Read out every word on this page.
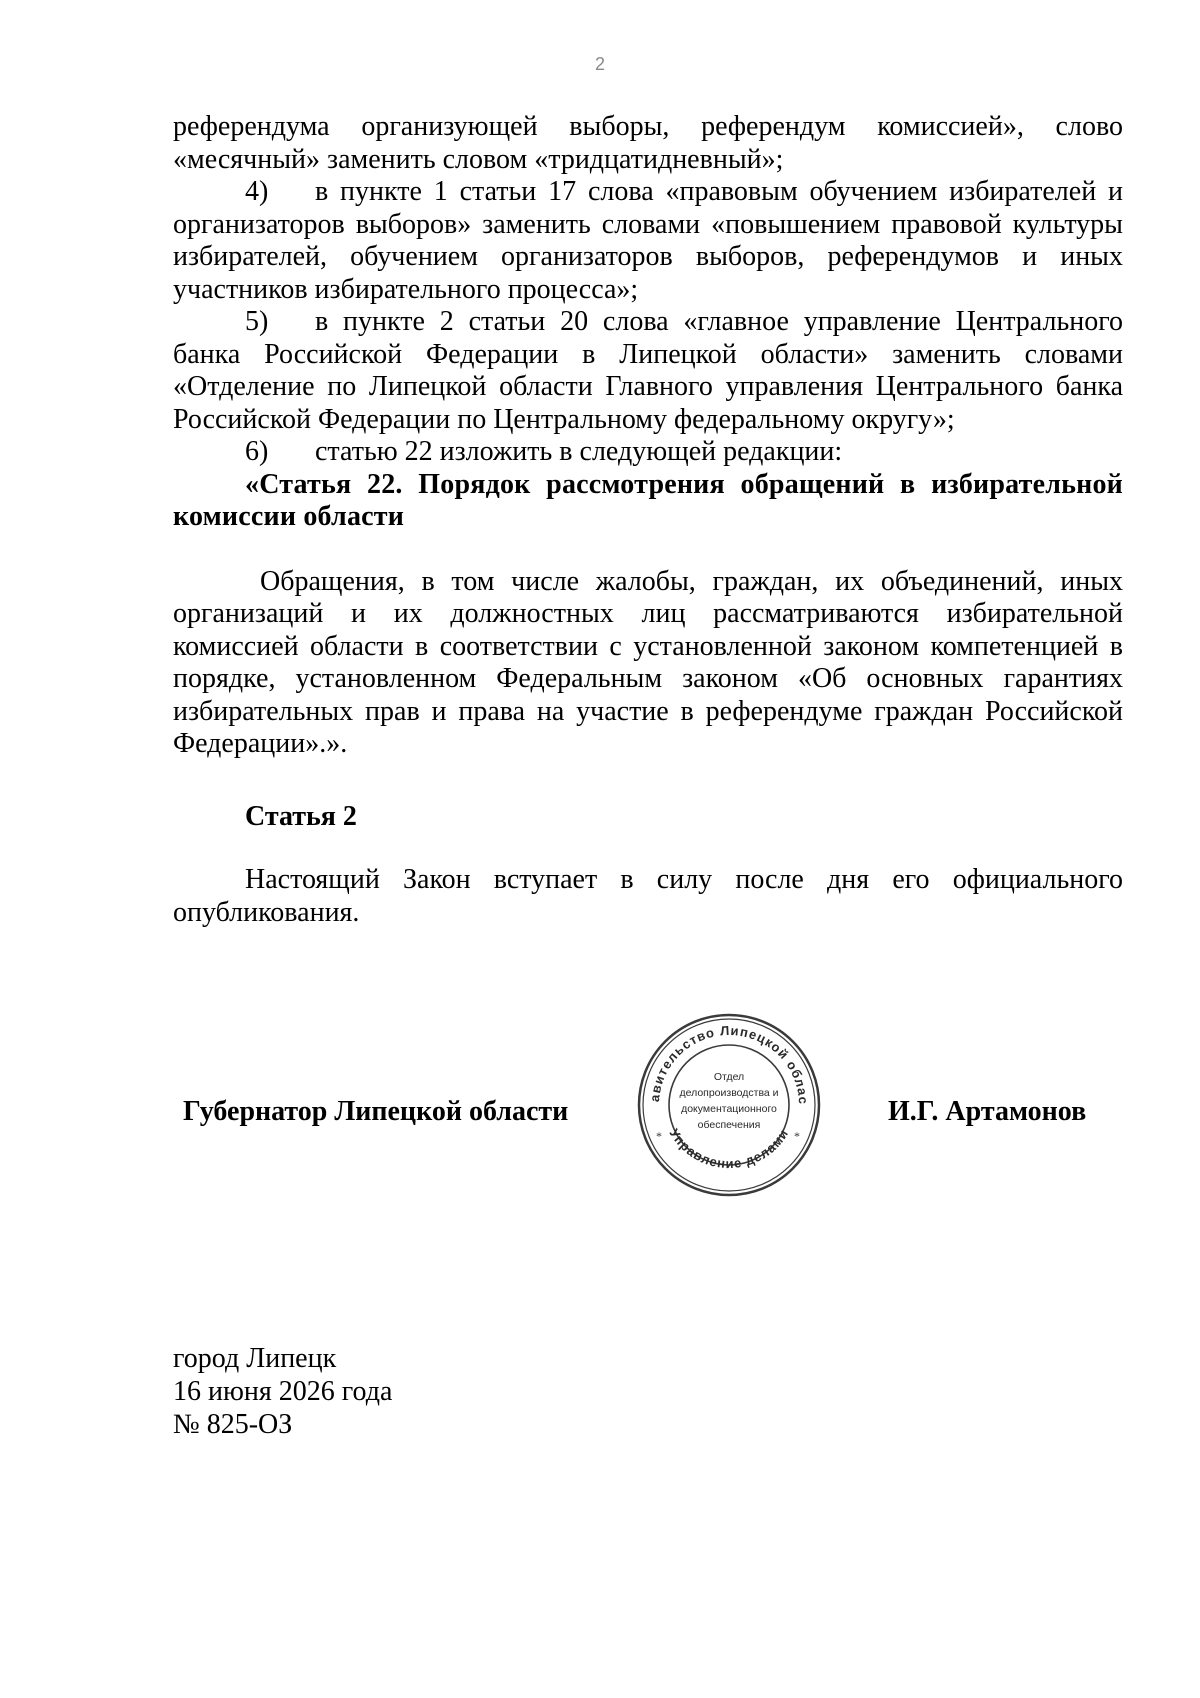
2

референдума организующей выборы, референдум комиссией», слово «месячный» заменить словом «тридцатидневный»;

4) в пункте 1 статьи 17 слова «правовым обучением избирателей и организаторов выборов» заменить словами «повышением правовой культуры избирателей, обучением организаторов выборов, референдумов и иных участников избирательного процесса»;
5) в пункте 2 статьи 20 слова «главное управление Центрального банка Российской Федерации в Липецкой области» заменить словами «Отделение по Липецкой области Главного управления Центрального банка Российской Федерации по Центральному федеральному округу»;
6) статью 22 изложить в следующей редакции:

«Статья 22. Порядок рассмотрения обращений в избирательной комиссии области

Обращения, в том числе жалобы, граждан, их объединений, иных организаций и их должностных лиц рассматриваются избирательной комиссией области в соответствии с установленной законом компетенцией в порядке, установленном Федеральным законом «Об основных гарантиях избирательных прав и права на участие в референдуме граждан Российской Федерации».».

Статья 2
Настоящий Закон вступает в силу после дня его официального опубликования.
Губернатор Липецкой области	авительство Липецкой облас
Управление делами
*	*
Отдел
делопроизводства и
документационного
обеспечения	И.Г. Артамонов
город Липецк
16 июня 2026 года
№ 825-ОЗ
